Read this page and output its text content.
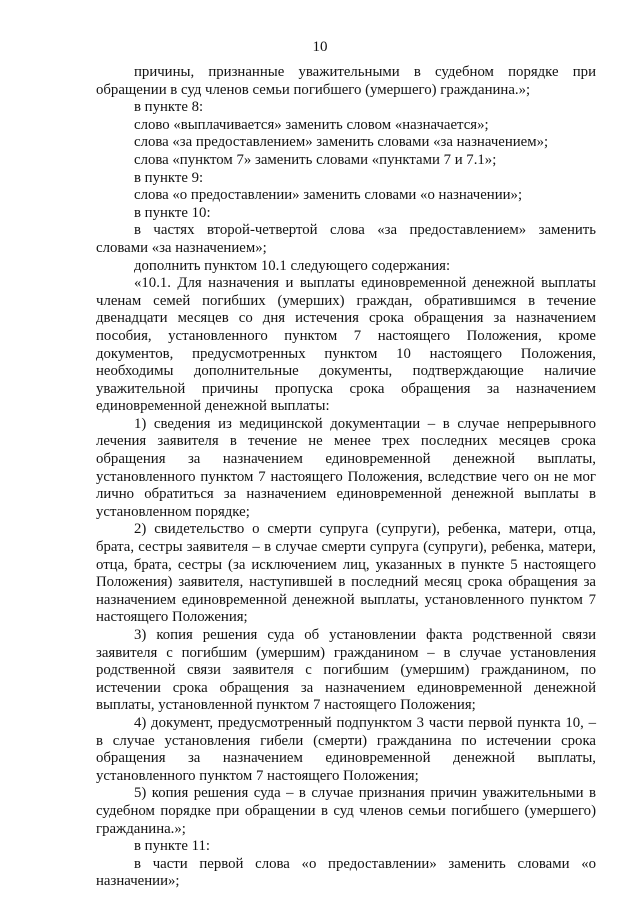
10

причины, признанные уважительными в судебном порядке при обращении в суд членов семьи погибшего (умершего) гражданина.»;

в пункте 8:

слово «выплачивается» заменить словом «назначается»;

слова «за предоставлением» заменить словами «за назначением»;

слова «пунктом 7» заменить словами «пунктами 7 и 7.1»;

в пункте 9:

слова «о предоставлении» заменить словами «о назначении»;

в пункте 10:

в частях второй-четвертой слова «за предоставлением» заменить словами «за назначением»;

дополнить пунктом 10.1 следующего содержания:

«10.1. Для назначения и выплаты единовременной денежной выплаты членам семей погибших (умерших) граждан, обратившимся в течение двенадцати месяцев со дня истечения срока обращения за назначением пособия, установленного пунктом 7 настоящего Положения, кроме документов, предусмотренных пунктом 10 настоящего Положения, необходимы дополнительные документы, подтверждающие наличие уважительной причины пропуска срока обращения за назначением единовременной денежной выплаты:

1) сведения из медицинской документации – в случае непрерывного лечения заявителя в течение не менее трех последних месяцев срока обращения за назначением единовременной денежной выплаты, установленного пунктом 7 настоящего Положения, вследствие чего он не мог лично обратиться за назначением единовременной денежной выплаты в установленном порядке;

2) свидетельство о смерти супруга (супруги), ребенка, матери, отца, брата, сестры заявителя – в случае смерти супруга (супруги), ребенка, матери, отца, брата, сестры (за исключением лиц, указанных в пункте 5 настоящего Положения) заявителя, наступившей в последний месяц срока обращения за назначением единовременной денежной выплаты, установленного пунктом 7 настоящего Положения;

3) копия решения суда об установлении факта родственной связи заявителя с погибшим (умершим) гражданином – в случае установления родственной связи заявителя с погибшим (умершим) гражданином, по истечении срока обращения за назначением единовременной денежной выплаты, установленной пунктом 7 настоящего Положения;

4) документ, предусмотренный подпунктом 3 части первой пункта 10, – в случае установления гибели (смерти) гражданина по истечении срока обращения за назначением единовременной денежной выплаты, установленного пунктом 7 настоящего Положения;

5) копия решения суда – в случае признания причин уважительными в судебном порядке при обращении в суд членов семьи погибшего (умершего) гражданина.»;

в пункте 11:

в части первой слова «о предоставлении» заменить словами «о назначении»;
